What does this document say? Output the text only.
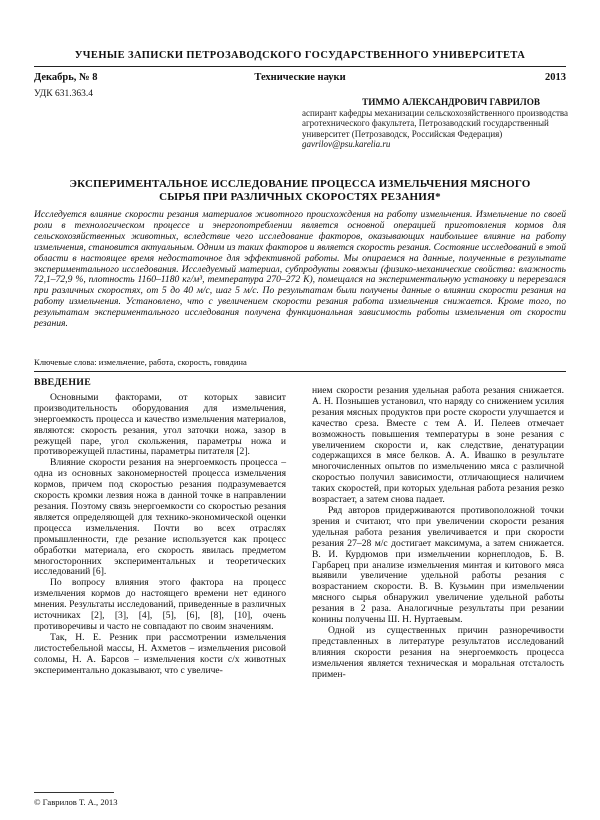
УЧЕНЫЕ ЗАПИСКИ ПЕТРОЗАВОДСКОГО ГОСУДАРСТВЕННОГО УНИВЕРСИТЕТА
Технические науки
Декабрь, № 8	2013
УДК 631.363.4
ТИММО АЛЕКСАНДРОВИЧ ГАВРИЛОВ
аспирант кафедры механизации сельскохозяйственного производства агротехнического факультета, Петрозаводский государственный университет (Петрозаводск, Российская Федерация)
gavrilov@psu.karelia.ru
ЭКСПЕРИМЕНТАЛЬНОЕ ИССЛЕДОВАНИЕ ПРОЦЕССА ИЗМЕЛЬЧЕНИЯ МЯСНОГО СЫРЬЯ ПРИ РАЗЛИЧНЫХ СКОРОСТЯХ РЕЗАНИЯ*
Исследуется влияние скорости резания материалов животного происхождения на работу измельчения. Измельчение по своей роли в технологическом процессе и энергопотреблении является основной операцией приготовления кормов для сельскохозяйственных животных, вследствие чего исследование факторов, оказывающих наибольшее влияние на работу измельчения, становится актуальным. Одним из таких факторов и является скорость резания. Состояние исследований в этой области в настоящее время недостаточное для эффективной работы. Мы опираемся на данные, полученные в результате экспериментального исследования. Исследуемый материал, субпродукты говяжьи (физико-механические свойства: влажность 72,1–72,9 %, плотность 1160–1180 кг/м³, температура 270–272 K), помещался на экспериментальную установку и перерезался при различных скоростях, от 5 до 40 м/с, шаг 5 м/с. По результатам были получены данные о влиянии скорости резания на работу измельчения. Установлено, что с увеличением скорости резания работа измельчения снижается. Кроме того, по результатам экспериментального исследования получена функциональная зависимость работы измельчения от скорости резания.
Ключевые слова: измельчение, работа, скорость, говядина
ВВЕДЕНИЕ

Основными факторами, от которых зависит производительность оборудования для измельчения, энергоемкость процесса и качество измельчения материалов, являются: скорость резания, угол заточки ножа, зазор в режущей паре, угол скольжения, параметры ножа и противорежущей пластины, параметры питателя [2].

Влияние скорости резания на энергоемкость процесса – одна из основных закономерностей процесса измельчения кормов, причем под скоростью резания подразумевается скорость кромки лезвия ножа в данной точке в направлении резания. Поэтому связь энергоемкости со скоростью резания является определяющей для технико-экономической оценки процесса измельчения. Почти во всех отраслях промышленности, где резание используется как процесс обработки материала, его скорость явилась предметом многосторонних экспериментальных и теоретических исследований [6].

По вопросу влияния этого фактора на процесс измельчения кормов до настоящего времени нет единого мнения. Результаты исследований, приведенные в различных источниках [2], [3], [4], [5], [6], [8], [10], очень противоречивы и часто не совпадают по своим значениям.

Так, Н. Е. Резник при рассмотрении измельчения листостебельной массы, Н. Ахметов – измельчения рисовой соломы, Н. А. Барсов – измельчения кости с/х животных экспериментально доказывают, что с увеличе-

нием скорости резания удельная работа резания снижается. А. Н. Познышев установил, что наряду со снижением усилия резания мясных продуктов при росте скорости улучшается и качество среза. Вместе с тем А. И. Пелеев отмечает возможность повышения температуры в зоне резания с увеличением скорости и, как следствие, денатурации содержащихся в мясе белков. А. А. Ивашко в результате многочисленных опытов по измельчению мяса с различной скоростью получил зависимости, отличающиеся наличием таких скоростей, при которых удельная работа резания резко возрастает, а затем снова падает.

Ряд авторов придерживаются противоположной точки зрения и считают, что при увеличении скорости резания удельная работа резания увеличивается и при скорости резания 27–28 м/с достигает максимума, а затем снижается. В. И. Курдюмов при измельчении корнеплодов, Б. В. Гарбарец при анализе измельчения минтая и китового мяса выявили увеличение удельной работы резания с возрастанием скорости. В. В. Кузьмин при измельчении мясного сырья обнаружил увеличение удельной работы резания в 2 раза. Аналогичные результаты при резании конины получены Ш. Н. Нуртаевым.

Одной из существенных причин разноречивости представленных в литературе результатов исследований влияния скорости резания на энергоемкость процесса измельчения является техническая и моральная отсталость примен-

© Гаврилов Т. А., 2013
